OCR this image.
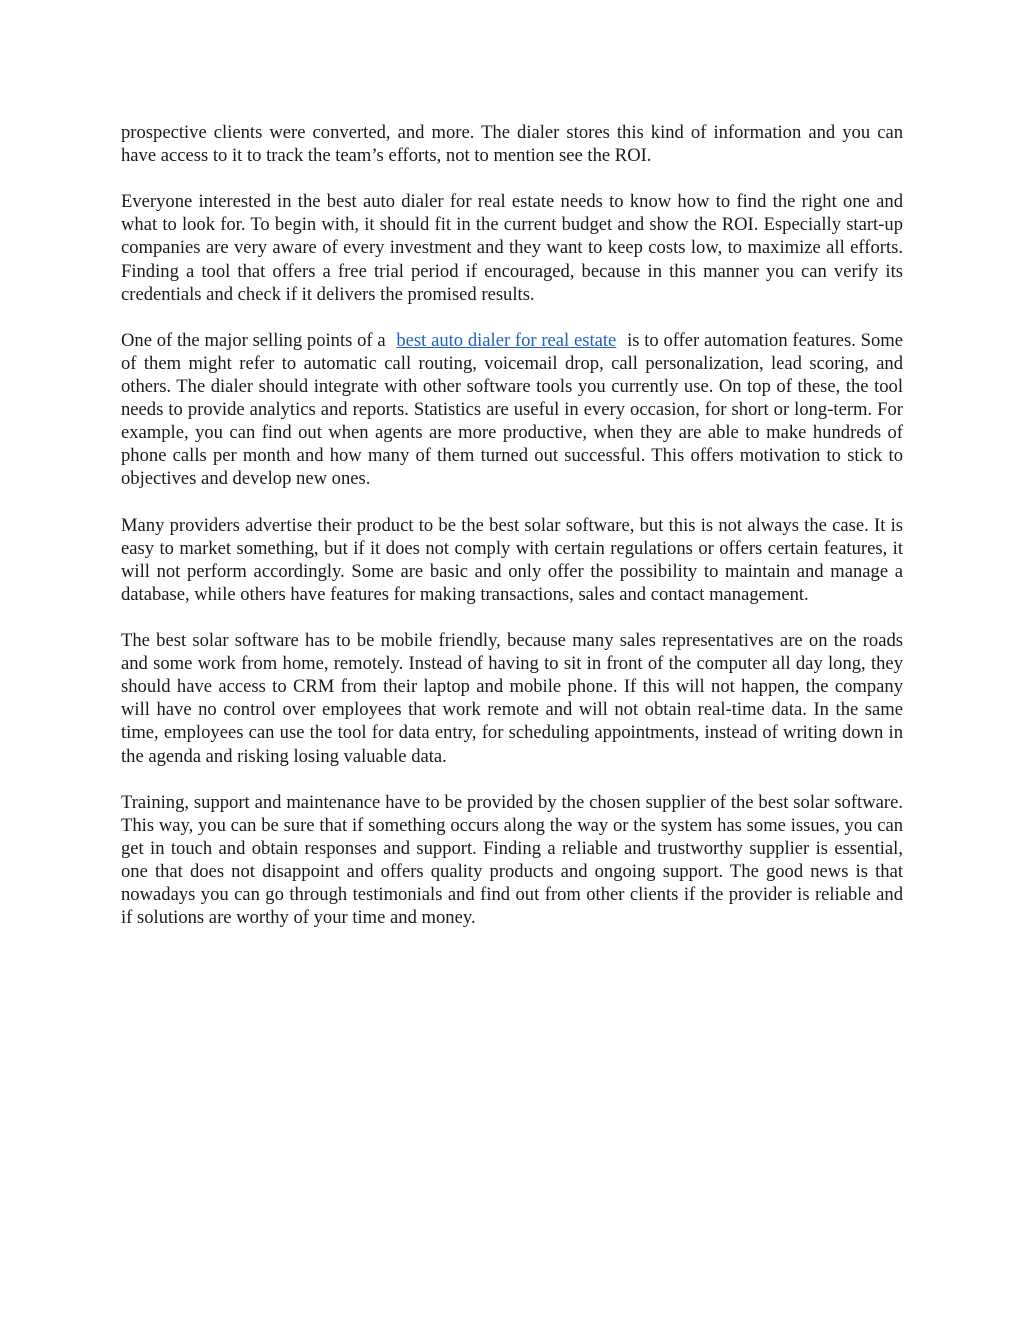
prospective clients were converted, and more. The dialer stores this kind of information and you can have access to it to track the team’s efforts, not to mention see the ROI.

Everyone interested in the best auto dialer for real estate needs to know how to find the right one and what to look for. To begin with, it should fit in the current budget and show the ROI. Especially start-up companies are very aware of every investment and they want to keep costs low, to maximize all efforts. Finding a tool that offers a free trial period if encouraged, because in this manner you can verify its credentials and check if it delivers the promised results.

One of the major selling points of a best auto dialer for real estate is to offer automation features. Some of them might refer to automatic call routing, voicemail drop, call personalization, lead scoring, and others. The dialer should integrate with other software tools you currently use. On top of these, the tool needs to provide analytics and reports. Statistics are useful in every occasion, for short or long-term. For example, you can find out when agents are more productive, when they are able to make hundreds of phone calls per month and how many of them turned out successful. This offers motivation to stick to objectives and develop new ones.

Many providers advertise their product to be the best solar software, but this is not always the case. It is easy to market something, but if it does not comply with certain regulations or offers certain features, it will not perform accordingly. Some are basic and only offer the possibility to maintain and manage a database, while others have features for making transactions, sales and contact management.

The best solar software has to be mobile friendly, because many sales representatives are on the roads and some work from home, remotely. Instead of having to sit in front of the computer all day long, they should have access to CRM from their laptop and mobile phone. If this will not happen, the company will have no control over employees that work remote and will not obtain real-time data. In the same time, employees can use the tool for data entry, for scheduling appointments, instead of writing down in the agenda and risking losing valuable data.

Training, support and maintenance have to be provided by the chosen supplier of the best solar software. This way, you can be sure that if something occurs along the way or the system has some issues, you can get in touch and obtain responses and support. Finding a reliable and trustworthy supplier is essential, one that does not disappoint and offers quality products and ongoing support. The good news is that nowadays you can go through testimonials and find out from other clients if the provider is reliable and if solutions are worthy of your time and money.
